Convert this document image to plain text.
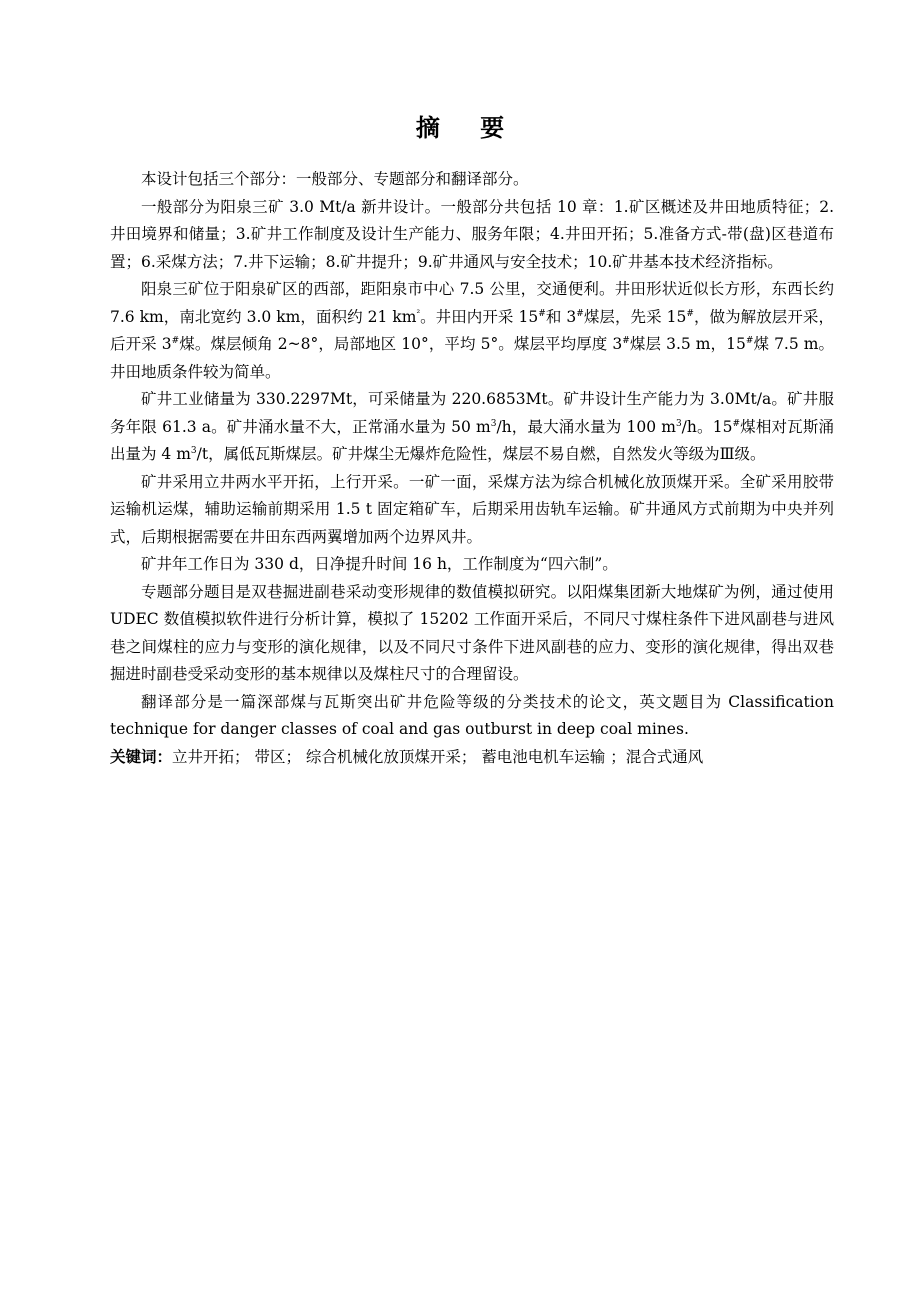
摘 要

本设计包括三个部分：一般部分、专题部分和翻译部分。

一般部分为阳泉三矿 3.0 Mt/a 新井设计。一般部分共包括 10 章：1.矿区概述及井田地质特征；2.井田境界和储量；3.矿井工作制度及设计生产能力、服务年限；4.井田开拓；5.准备方式-带(盘)区巷道布置；6.采煤方法；7.井下运输；8.矿井提升；9.矿井通风与安全技术；10.矿井基本技术经济指标。

阳泉三矿位于阳泉矿区的西部，距阳泉市中心 7.5 公里，交通便利。井田形状近似长方形，东西长约 7.6 km，南北宽约 3.0 km，面积约 21 $km^{^2}$。井田内开采 15#和 3#煤层，先采 15#，做为解放层开采，后开采 3#煤。煤层倾角 2~8°，局部地区 10°，平均 5°。煤层平均厚度 3#煤层 3.5 m，15#煤 7.5 m。井田地质条件较为简单。

矿井工业储量为 330.2297Mt，可采储量为 220.6853Mt。矿井设计生产能力为 3.0Mt/a。矿井服务年限 61.3 a。矿井涌水量不大，正常涌水量为 50 $m^3/h$，最大涌水量为 100 $m^3/h$。15#煤相对瓦斯涌出量为 4 $m^3/t$，属低瓦斯煤层。矿井煤尘无爆炸危险性，煤层不易自燃，自然发火等级为Ⅲ级。

矿井采用立井两水平开拓，上行开采。一矿一面，采煤方法为综合机械化放顶煤开采。全矿采用胶带运输机运煤，辅助运输前期采用 1.5 t 固定箱矿车，后期采用齿轨车运输。矿井通风方式前期为中央并列式，后期根据需要在井田东西两翼增加两个边界风井。

矿井年工作日为 330 d，日净提升时间 16 h，工作制度为“四六制”。

专题部分题目是双巷掘进副巷采动变形规律的数值模拟研究。以阳煤集团新大地煤矿为例，通过使用 UDEC 数值模拟软件进行分析计算，模拟了 15202 工作面开采后，不同尺寸煤柱条件下进风副巷与进风巷之间煤柱的应力与变形的演化规律，以及不同尺寸条件下进风副巷的应力、变形的演化规律，得出双巷掘进时副巷受采动变形的基本规律以及煤柱尺寸的合理留设。

翻译部分是一篇深部煤与瓦斯突出矿井危险等级的分类技术的论文，英文题目为 Classification technique for danger classes of coal and gas outburst in deep coal mines.

关键词：立井开拓； 带区； 综合机械化放顶煤开采； 蓄电池电机车运输 ；混合式通风
